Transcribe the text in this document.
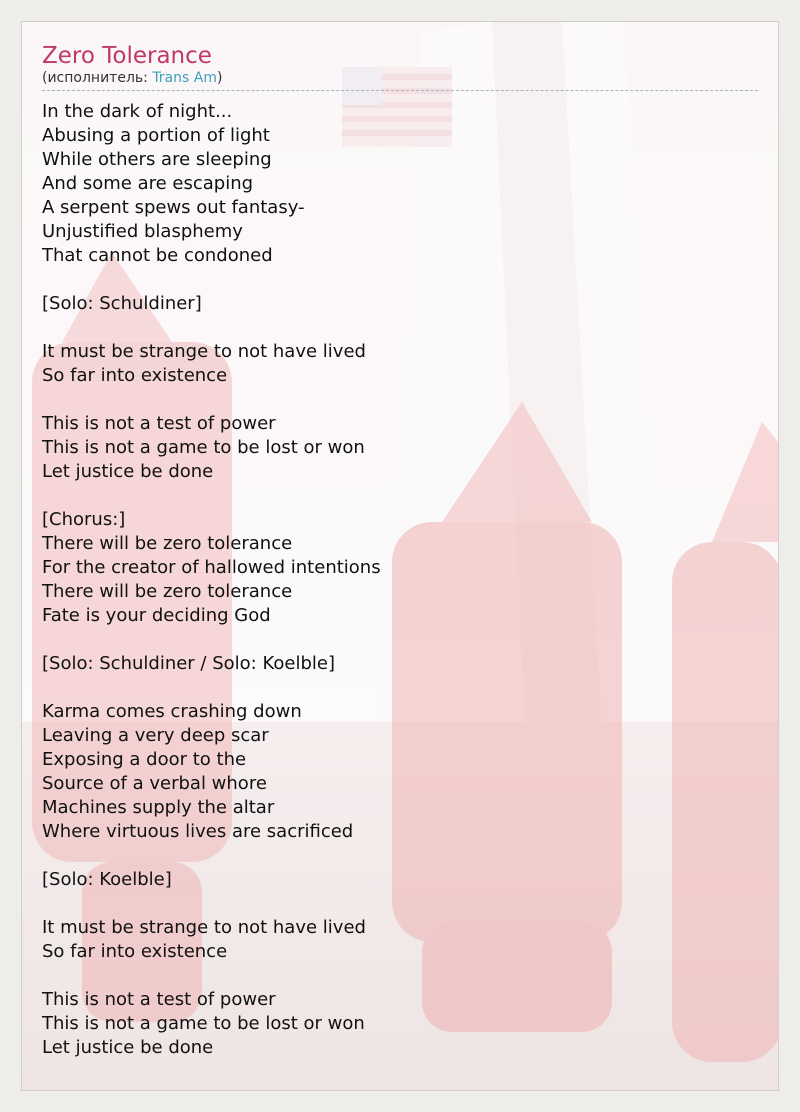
Zero Tolerance
(исполнитель: Trans Am)
In the dark of night...
Abusing a portion of light
While others are sleeping
And some are escaping
A serpent spews out fantasy-
Unjustified blasphemy
That cannot be condoned
[Solo: Schuldiner]
It must be strange to not have lived
So far into existence
This is not a test of power
This is not a game to be lost or won
Let justice be done
[Chorus:]
There will be zero tolerance
For the creator of hallowed intentions
There will be zero tolerance
Fate is your deciding God
[Solo: Schuldiner / Solo: Koelble]
Karma comes crashing down
Leaving a very deep scar
Exposing a door to the
Source of a verbal whore
Machines supply the altar
Where virtuous lives are sacrificed
[Solo: Koelble]
It must be strange to not have lived
So far into existence
This is not a test of power
This is not a game to be lost or won
Let justice be done
